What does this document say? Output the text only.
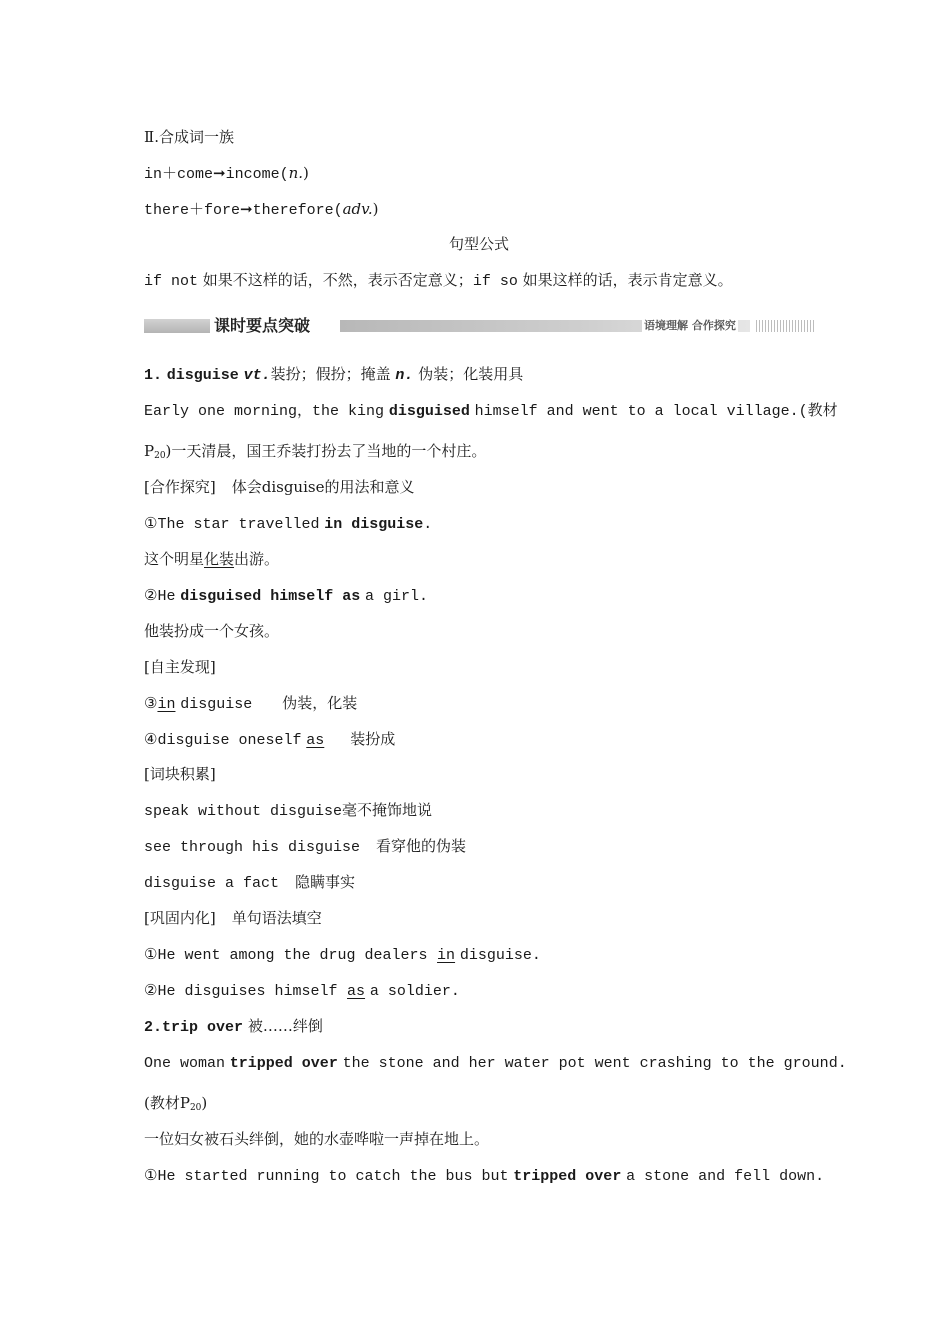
Ⅱ.合成词一族
in＋come➞income(n.)
there＋fore➞therefore(adv.)
句型公式
if not 如果不这样的话，不然，表示否定意义；if so 如果这样的话，表示肯定意义。
课时要点突破	语境理解 合作探究
1. disguise vt.装扮；假扮；掩盖 n. 伪装；化装用具
Early one morning，the king disguised himself and went to a local village.(教材
$P_{20}$)一天清晨，国王乔装打扮去了当地的一个村庄。
[合作探究] 体会disguise的用法和意义
①The star travelled in disguise.
这个明星化装出游。
②He disguised himself as a girl.
他装扮成一个女孩。
[自主发现]
③in disguise 伪装，化装
④disguise oneself as 装扮成
[词块积累]
speak without disguise毫不掩饰地说
see through his disguise 看穿他的伪装
disguise a fact 隐瞒事实
[巩固内化] 单句语法填空
①He went among the drug dealers in disguise.
②He disguises himself as a soldier.
2.trip over 被……绊倒
One woman tripped over the stone and her water pot went crashing to the ground.
(教材$P_{20}$)
一位妇女被石头绊倒，她的水壶哗啦一声掉在地上。
①He started running to catch the bus but tripped over a stone and fell down.
